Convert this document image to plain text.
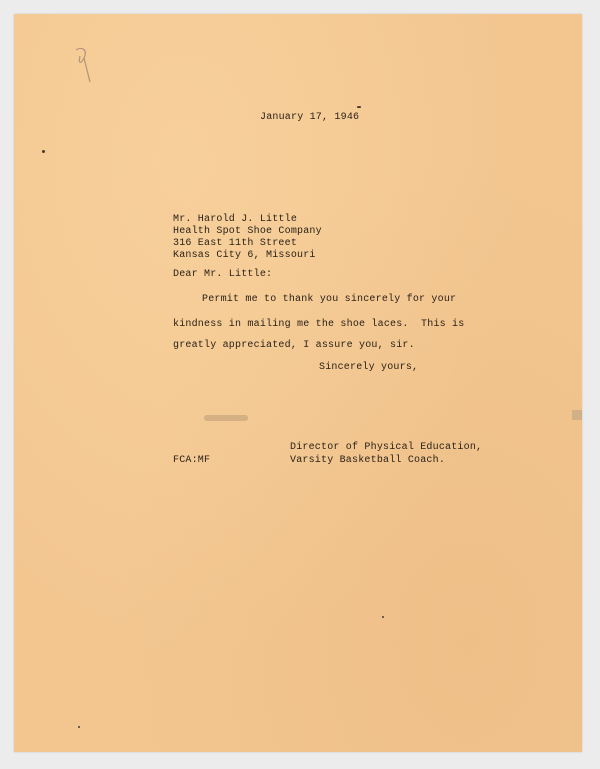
January 17, 1946

Mr. Harold J. Little

Health Spot Shoe Company

316 East 11th Street

Kansas City 6, Missouri

Dear Mr. Little:

Permit me to thank you sincerely for your

kindness in mailing me the shoe laces.  This is

greatly appreciated, I assure you, sir.

Sincerely yours,

Director of Physical Education,

Varsity Basketball Coach.

FCA:MF
